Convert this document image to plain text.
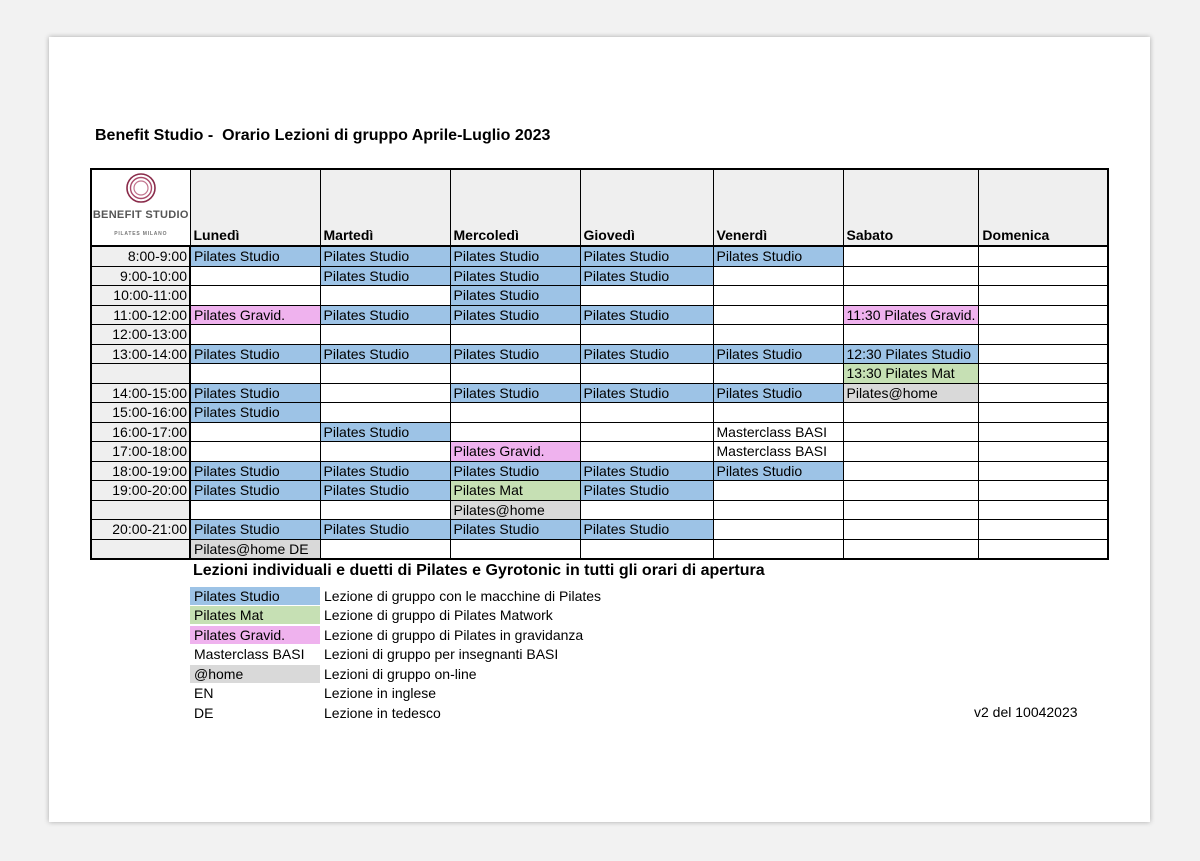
Benefit Studio -  Orario Lezioni di gruppo Aprile-Luglio 2023
BENEFIT STUDIO
PILATES MILANO	Lunedì	Martedì	Mercoledì	Giovedì	Venerdì	Sabato	Domenica
8:00-9:00	Pilates Studio	Pilates Studio	Pilates Studio	Pilates Studio	Pilates Studio		
9:00-10:00		Pilates Studio	Pilates Studio	Pilates Studio			
10:00-11:00			Pilates Studio				
11:00-12:00	Pilates Gravid.	Pilates Studio	Pilates Studio	Pilates Studio		11:30 Pilates Gravid.	
12:00-13:00							
13:00-14:00	Pilates Studio	Pilates Studio	Pilates Studio	Pilates Studio	Pilates Studio	12:30 Pilates Studio	
						13:30 Pilates Mat	
14:00-15:00	Pilates Studio		Pilates Studio	Pilates Studio	Pilates Studio	Pilates@home	
15:00-16:00	Pilates Studio						
16:00-17:00		Pilates Studio			Masterclass BASI		
17:00-18:00			Pilates Gravid.		Masterclass BASI		
18:00-19:00	Pilates Studio	Pilates Studio	Pilates Studio	Pilates Studio	Pilates Studio		
19:00-20:00	Pilates Studio	Pilates Studio	Pilates Mat	Pilates Studio			
			Pilates@home				
20:00-21:00	Pilates Studio	Pilates Studio	Pilates Studio	Pilates Studio			
	Pilates@home DE						
Lezioni individuali e duetti di Pilates e Gyrotonic in tutti gli orari di apertura
Pilates Studio	Lezione di gruppo con le macchine di Pilates
Pilates Mat	Lezione di gruppo di Pilates Matwork
Pilates Gravid.	Lezione di gruppo di Pilates in gravidanza
Masterclass BASI	Lezioni di gruppo per insegnanti BASI
@home	Lezioni di gruppo on-line
EN	Lezione in inglese
DE	Lezione in tedesco	v2 del 10042023
